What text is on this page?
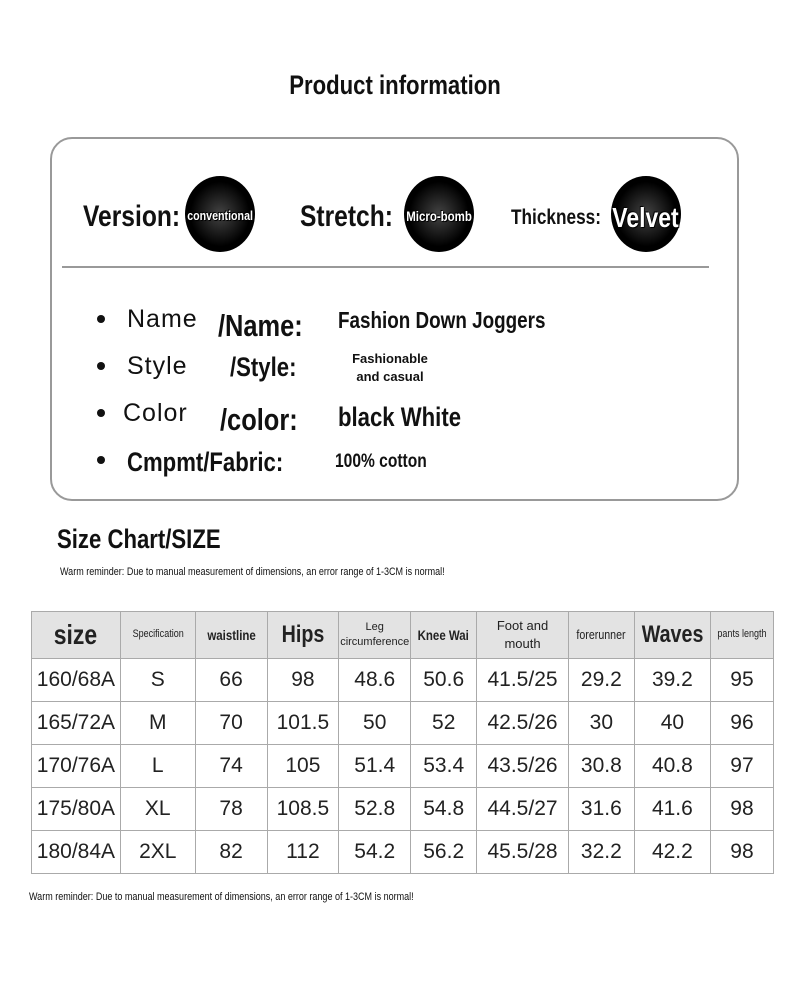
Product information
Version: conventional Stretch: Micro-bomb	Thickness: Velvet
Name /Name:	Fashion Down Joggers
Style /Style:	Fashionable and casual
Color /color:	black White
Cmpmt/Fabric:	100% cotton
Size Chart/SIZE
Warm reminder: Due to manual measurement of dimensions, an error range of 1-3CM is normal!
size	Specification	waistline	Hips	Leg circumference	Knee Wai	Foot and mouth	forerunner	Waves	pants length
160/68A	S	66	98	48.6	50.6	41.5/25	29.2	39.2	95
165/72A	M	70	101.5	50	52	42.5/26	30	40	96
170/76A	L	74	105	51.4	53.4	43.5/26	30.8	40.8	97
175/80A	XL	78	108.5	52.8	54.8	44.5/27	31.6	41.6	98
180/84A	2XL	82	112	54.2	56.2	45.5/28	32.2	42.2	98
Warm reminder: Due to manual measurement of dimensions, an error range of 1-3CM is normal!
